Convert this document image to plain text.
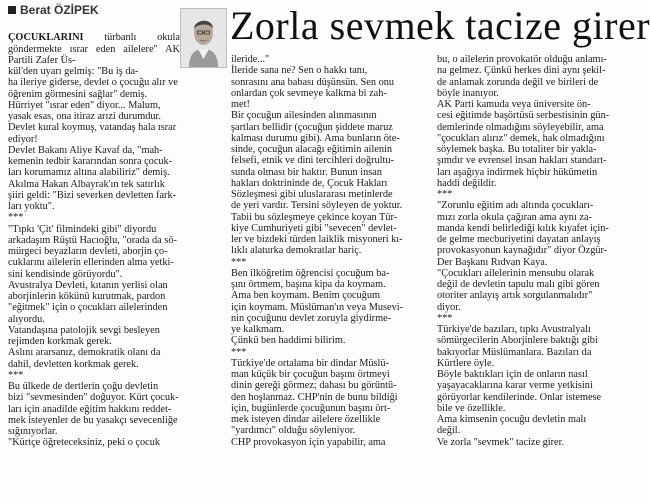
Berat ÖZİPEK	Zorla sevmek tacize girer

ÇOCUKLARINI türbanlı okula göndermekte ısrar eden ailelere" AK Partili Zafer Üs-

kül'den uyarı gelmiş: "Bu iş da-
ha ileriye giderse, devlet o çocuğu alır ve
öğrenim görmesini sağlar" demiş.
Hürriyet "ısrar eden" diyor... Malum,
yasak esas, ona itiraz arızi durumdur.
Devlet kural koymuş, vatandaş hala ısrar
ediyor!
Devlet Bakanı Aliye Kavaf da, "mah-
kemenin tedbir kararından sonra çocuk-
ları korumamız altına alabiliriz" demiş.
Akılma Hakan Albayrak'ın tek satırlık
şiiri geldi: "Bizi severken devletten fark-
ları yoktu".
***
"Tıpkı 'Çit' filmindeki gibi" diyordu
arkadaşım Rüştü Hacıoğlu, "orada da sö-
mürgeci beyazların devleti, aborjin ço-
cuklarını ailelerin ellerinden alma yetki-
sini kendisinde görüyordu".
Avustralya Devleti, kıtanın yerlisi olan
aborjinlerin kökünü kurutmak, pardon
"eğitmek" için o çocukları ailelerinden
alıyordu.
Vatandaşına patolojik sevgi besleyen
rejimden korkmak gerek.
Aslını ararsanız, demokratik olanı da
dahil, devletten korkmak gerek.
***
Bu ülkede de dertlerin çoğu devletin
bizi "sevmesinden" doğuyor. Kürt çocuk-
ları için anadilde eğitim hakkını reddet-
mek isteyenler de bu yasakçı sevecenliğe
sığınıyorlar.
"Kürtçe öğreteceksiniz, peki o çocuk
ileride..."
İleride sana ne? Sen o hakkı tanı,
sonrasını ana babası düşünsün. Sen onu
onlardan çok sevmeye kalkma bi zah-
met!
Bir çocuğun ailesinden alınmasının
şartları bellidir (çocuğun şiddete maruz
kalması durumu gibi). Ama bunların öte-
sinde, çocuğun alacağı eğitimin ailenin
felsefi, etnik ve dini tercihleri doğrultu-
sunda olması bir haktır. Bunun insan
hakları doktrininde de, Çocuk Hakları
Sözleşmesi gibi uluslararası metinlerde
de yeri vardır. Tersini söyleyen de yoktur.
Tabii bu sözleşmeye çekince koyan Tür-
kiye Cumhuriyeti gibi "sevecen" devlet-
ler ve bizdeki türden laiklik misyoneri kı-
lıklı alaturka demokratlar hariç.
***
Ben ilköğretim öğrencisi çocuğum ba-
şını örtmem, başına kipa da koymam.
Ama ben koymam. Benim çocuğum
için koymam. Müslüman'ın veya Musevi-
nin çocuğunu devlet zoruyla giydirme-
ye kalkmam.
Çünkü ben haddimi bilirim.
***
Türkiye'de ortalama bir dindar Müslü-
man küçük bir çocuğun başını örtmeyi
dinin gereği görmez; dahası bu görüntü-
den hoşlanmaz. CHP'nin de bunu bildiği
için, bugünlerde çocuğunun başını ört-
mek isteyen dindar ailelere özellikle
"yardımcı" olduğu söyleniyor.
CHP provokasyon için yapabilir, ama
bu, o ailelerin provokatör olduğu anlamı-
na gelmez. Çünkü herkes dini aynı şekil-
de anlamak zorunda değil ve birileri de
böyle inanıyor.
AK Parti kamuda veya üniversite ön-
cesi eğitimde başörtüsü serbestisinin gün-
demlerinde olmadığını söyleyebilir, ama
"çocukları alırız" demek, hak olmadığını
söylemek başka. Bu totaliter bir yakla-
şımdır ve evrensel insan hakları standart-
ları aşağıya indirmek hiçbir hükümetin
haddi değildir.
***
"Zorunlu eğitim adı altında çocukları-
mızı zorla okula çağıran ama aynı za-
manda kendi belirlediği kılık kıyafet için-
de gelme mecburiyetini dayatan anlayış
provokasyonun kaynağıdır" diyor Özgür-
Der Başkanı Rıdvan Kaya.
"Çocukları ailelerinin mensubu olarak
değil de devletin tapulu malı gibi gören
otoriter anlayış artık sorgulanmalıdır"
diyor.
***
Türkiye'de bazıları, tıpkı Avustralyalı
sömürgecilerin Aborjinlere baktığı gibi
bakıyorlar Müslümanlara. Bazıları da
Kürtlere öyle.
Böyle baktıkları için de onların nasıl
yaşayacaklarına karar verme yetkisini
görüyorlar kendilerinde. Onlar istemese
bile ve özellikle.
Ama kimsenin çocuğu devletin malı
değil.
Ve zorla "sevmek" tacize girer.
